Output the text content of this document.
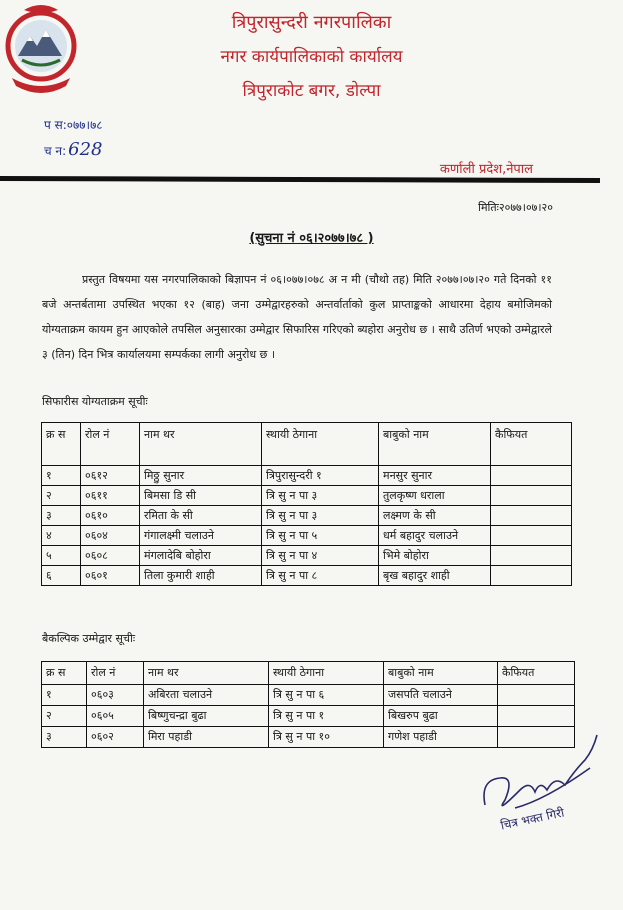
त्रिपुरासुन्दरी नगरपालिका
नगर कार्यपालिकाको कार्यालय
त्रिपुराकोट बगर, डोल्पा
प स:०७७।७८
च न: 628
कर्णाली प्रदेश,नेपाल
मितिः२०७७।०७।२०
(सुचना नं ०६।२०७७।७८ )
प्रस्तुत विषयमा यस नगरपालिकाको बिज्ञापन नं ०६।०७७।०७८ अ न मी (चौथो तह) मिति २०७७।०७।२० गते दिनको ११ बजे अन्तर्बतामा उपस्थित भएका १२ (बाह) जना उम्मेद्वारहरुको अन्तर्वार्ताको कुल प्राप्ताङ्कको आधारमा देहाय बमोजिमको योग्यताक्रम कायम हुन आएकोले तपसिल अनुसारका उम्मेद्वार सिफारिस गरिएको ब्यहोरा अनुरोध छ । साथै उतिर्ण भएको उम्मेद्वारले ३ (तिन) दिन भित्र कार्यालयमा सम्पर्कका लागी अनुरोध छ ।
सिफारीस योग्यताक्रम सूचीः
क्र स	रोल नं	नाम थर	स्थायी ठेगाना	बाबुको नाम	कैफियत
१	०६१२	मिठ्ठु सुनार	त्रिपुरासुन्दरी १	मनसुर सुनार	
२	०६११	बिमसा डि सी	त्रि सु न पा ३	तुलकृष्ण धराला	
३	०६१०	रमिता के सी	त्रि सु न पा ३	लक्ष्मण के सी	
४	०६०४	गंगालक्ष्मी चलाउने	त्रि सु न पा ५	धर्म बहादुर चलाउने	
५	०६०८	मंगलादेबि बोहोरा	त्रि सु न पा ४	भिमे बोहोरा	
६	०६०१	तिला कुमारी शाही	त्रि सु न पा ८	बृख बहादुर शाही	
बैकल्पिक उम्मेद्वार सूचीः
क्र स	रोल नं	नाम थर	स्थायी ठेगाना	बाबुको नाम	कैफियत
१	०६०३	अबिरता चलाउने	त्रि सु न पा ६	जसपति चलाउने	
२	०६०५	बिष्णुचन्द्रा बुढा	त्रि सु न पा १	बिखरुप बुढा	
३	०६०२	मिरा पहाडी	त्रि सु न पा १०	गणेश पहाडी	
चित्र भक्त गिरी
